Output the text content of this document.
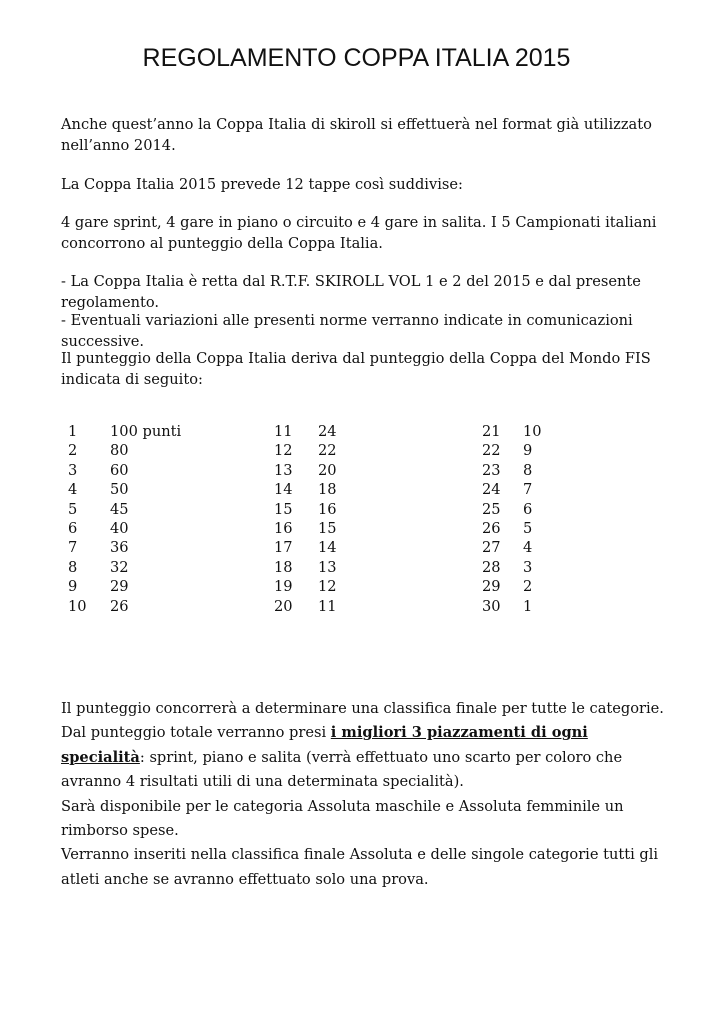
REGOLAMENTO COPPA ITALIA 2015

Anche quest’anno la Coppa Italia di skiroll si effettuerà nel format già utilizzato nell’anno 2014.

La Coppa Italia 2015 prevede 12 tappe così suddivise:

4 gare sprint, 4 gare in piano o circuito e 4 gare in salita. I 5 Campionati italiani concorrono al punteggio della Coppa Italia.

- La Coppa Italia è retta dal R.T.F. SKIROLL VOL 1 e 2 del 2015 e dal presente regolamento.

- Eventuali variazioni alle presenti norme verranno indicate in comunicazioni successive.

Il punteggio della Coppa Italia deriva dal punteggio della Coppa del Mondo FIS indicata di seguito:

1	100 punti	11	24	21	10
2	80	12	22	22	9
3	60	13	20	23	8
4	50	14	18	24	7
5	45	15	16	25	6
6	40	16	15	26	5
7	36	17	14	27	4
8	32	18	13	28	3
9	29	19	12	29	2
10	26	20	11	30	1

Il punteggio concorrerà a determinare una classifica finale per tutte le categorie.

Dal punteggio totale verranno presi i migliori 3 piazzamenti di ogni specialità: sprint, piano e salita (verrà effettuato uno scarto per coloro che avranno 4 risultati utili di una determinata specialità).

Sarà disponibile per le categoria Assoluta maschile e Assoluta femminile un rimborso spese.

Verranno inseriti nella classifica finale Assoluta e delle singole categorie tutti gli atleti anche se avranno effettuato solo una prova.
